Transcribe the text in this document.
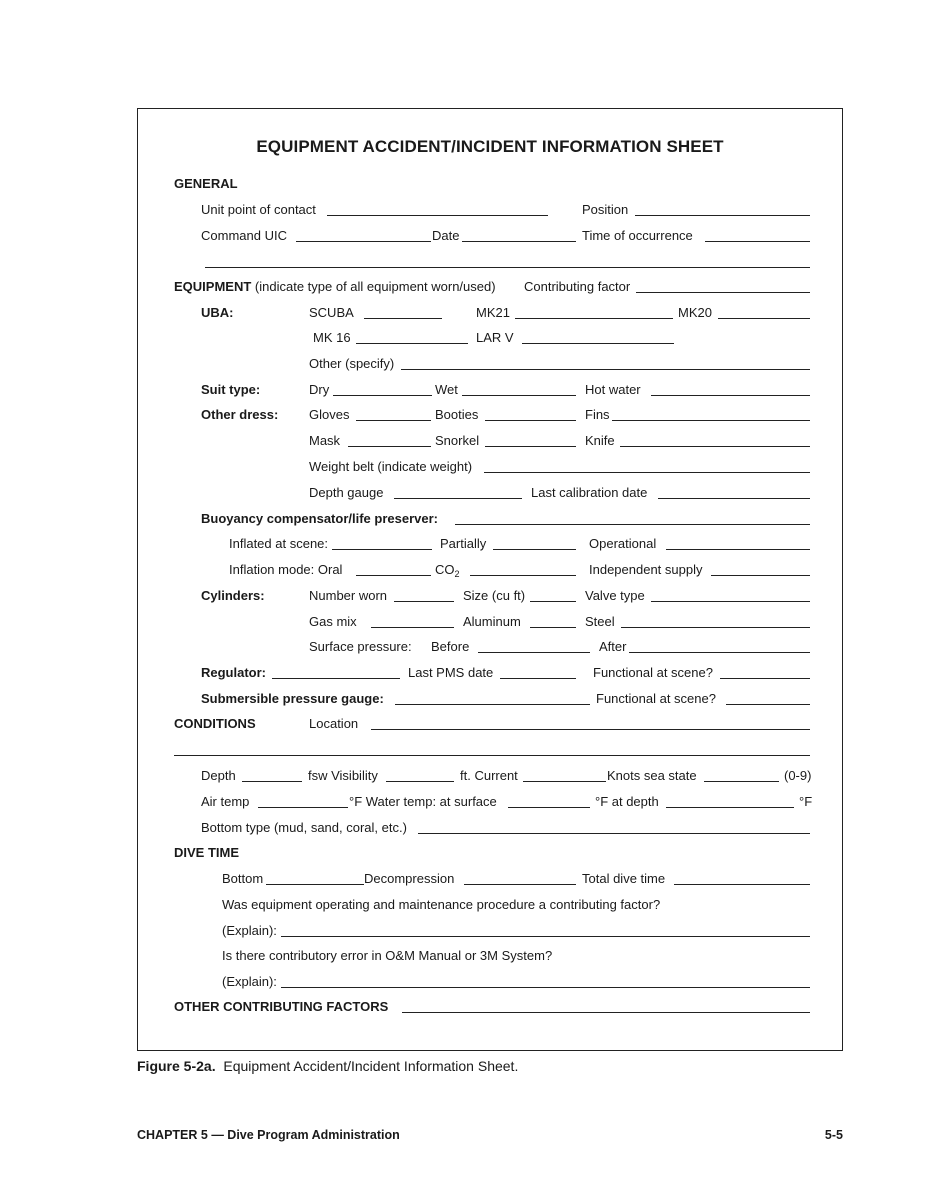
EQUIPMENT ACCIDENT/INCIDENT INFORMATION SHEET
GENERAL
Unit point of contact	Position
Command UIC	Date	Time of occurrence
EQUIPMENT (indicate type of all equipment worn/used) Contributing factor
UBA:	SCUBA	MK21	MK20
MK 16	LAR V
Other (specify)
Suit type:	Dry	Wet	Hot water
Other dress: Gloves	Booties	Fins
Mask	Snorkel	Knife
Weight belt (indicate weight)
Depth gauge	Last calibration date
Buoyancy compensator/life preserver:
Inflated at scene:	Partially	Operational
Inflation mode: Oral	$CO_2$	Independent supply
Cylinders:	Number worn	Size (cu ft)	Valve type
Gas mix	Aluminum	Steel
Surface pressure: Before	After
Regulator:	Last PMS date	Functional at scene?
Submersible pressure gauge:	Functional at scene?
CONDITIONS	Location
Depth	fsw Visibility	ft. Current	Knots sea state	(0-9)
Air temp	°F Water temp: at surface	°F at depth	°F
Bottom type (mud, sand, coral, etc.)
DIVE TIME
Bottom	Decompression	Total dive time
Was equipment operating and maintenance procedure a contributing factor?
(Explain):
Is there contributory error in O&M Manual or 3M System?
(Explain):
OTHER CONTRIBUTING FACTORS
Figure 5-2a. Equipment Accident/Incident Information Sheet.
CHAPTER 5 — Dive Program Administration	5-5
